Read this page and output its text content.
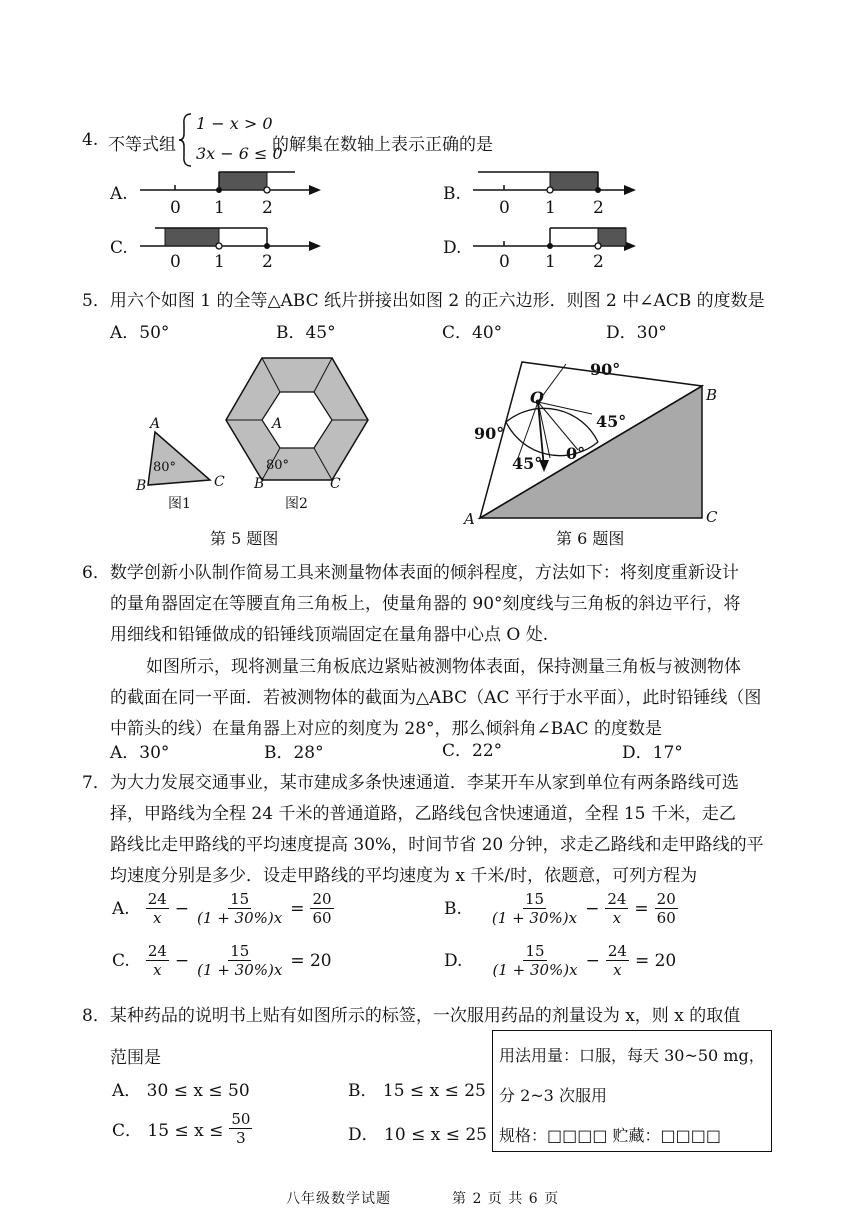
4. 不等式组
1 − x > 0
3x − 6 ≤ 0
的解集在数轴上表示正确的是
A.
0 1 2
B.
0 1 2
C.
0 1 2
D.
0 1 2
5．用六个如图 1 的全等△ABC 纸片拼接出如图 2 的正六边形．则图 2 中∠ACB 的度数是
A．50°	B．45°	C．40°	D．30°
A
B	C
80°
图1
A
B	C
80°
图2
第 5 题图
90°
90°
45°
45°
0°
O
A
B
C
第 6 题图
6．数学创新小队制作简易工具来测量物体表面的倾斜程度，方法如下：将刻度重新设计
的量角器固定在等腰直角三角板上，使量角器的 90°刻度线与三角板的斜边平行，将
用细线和铅锤做成的铅锤线顶端固定在量角器中心点 O 处.
如图所示，现将测量三角板底边紧贴被测物体表面，保持测量三角板与被测物体
的截面在同一平面．若被测物体的截面为△ABC（AC 平行于水平面），此时铅锤线（图
中箭头的线）在量角器上对应的刻度为 28°，那么倾斜角∠BAC 的度数是
A．30°	B．28°	C．22°	D．17°
7．为大力发展交通事业，某市建成多条快速通道．李某开车从家到单位有两条路线可选
择，甲路线为全程 24 千米的普通道路，乙路线包含快速通道，全程 15 千米，走乙
路线比走甲路线的平均速度提高 30%，时间节省 20 分钟，求走乙路线和走甲路线的平
均速度分别是多少．设走甲路线的平均速度为 x 千米/时，依题意，可列方程为
A. $\frac{24}{x} - \frac{15}{(1 + 30\%)x} = \frac{20}{60}$	B. $\frac{15}{(1 + 30\%)x} - \frac{24}{x} = \frac{20}{60}$
C. $\frac{24}{x} - \frac{15}{(1 + 30\%)x} = 20$	D. $\frac{15}{(1 + 30\%)x} - \frac{24}{x} = 20$
8．某种药品的说明书上贴有如图所示的标签，一次服用药品的剂量设为 x，则 x 的取值
范围是
A． 30 ≤ x ≤ 50	B． 15 ≤ x ≤ 25
C． $15 \le x \le \frac{50}{3}$	D． 10 ≤ x ≤ 25
用法用量：口服，每天 30~50 mg，
分 2~3 次服用
规格：□□□□ 贮藏：□□□□
八年级数学试题	第 2 页 共 6 页
